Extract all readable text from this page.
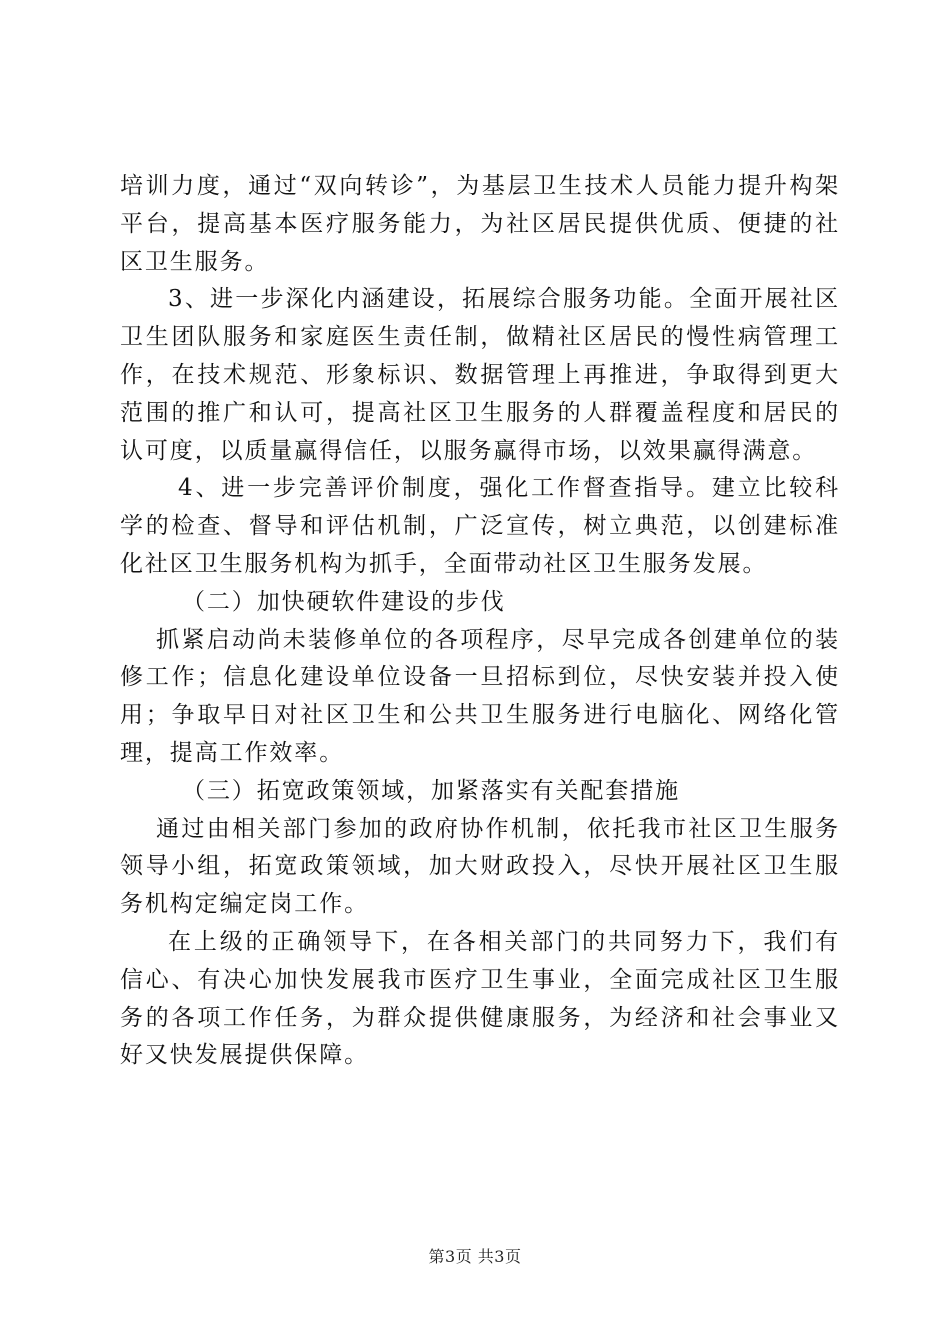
培训力度，通过“双向转诊”，为基层卫生技术人员能力提升构架平台，提高基本医疗服务能力，为社区居民提供优质、便捷的社区卫生服务。

3、进一步深化内涵建设，拓展综合服务功能。全面开展社区卫生团队服务和家庭医生责任制，做精社区居民的慢性病管理工作，在技术规范、形象标识、数据管理上再推进，争取得到更大范围的推广和认可，提高社区卫生服务的人群覆盖程度和居民的认可度，以质量赢得信任，以服务赢得市场，以效果赢得满意。

4、进一步完善评价制度，强化工作督查指导。建立比较科学的检查、督导和评估机制，广泛宣传，树立典范，以创建标准化社区卫生服务机构为抓手，全面带动社区卫生服务发展。

（二）加快硬软件建设的步伐

抓紧启动尚未装修单位的各项程序，尽早完成各创建单位的装修工作；信息化建设单位设备一旦招标到位，尽快安装并投入使用；争取早日对社区卫生和公共卫生服务进行电脑化、网络化管理，提高工作效率。

（三）拓宽政策领域，加紧落实有关配套措施

通过由相关部门参加的政府协作机制，依托我市社区卫生服务领导小组，拓宽政策领域，加大财政投入，尽快开展社区卫生服务机构定编定岗工作。

在上级的正确领导下，在各相关部门的共同努力下，我们有信心、有决心加快发展我市医疗卫生事业，全面完成社区卫生服务的各项工作任务，为群众提供健康服务，为经济和社会事业又好又快发展提供保障。

第3页 共3页
